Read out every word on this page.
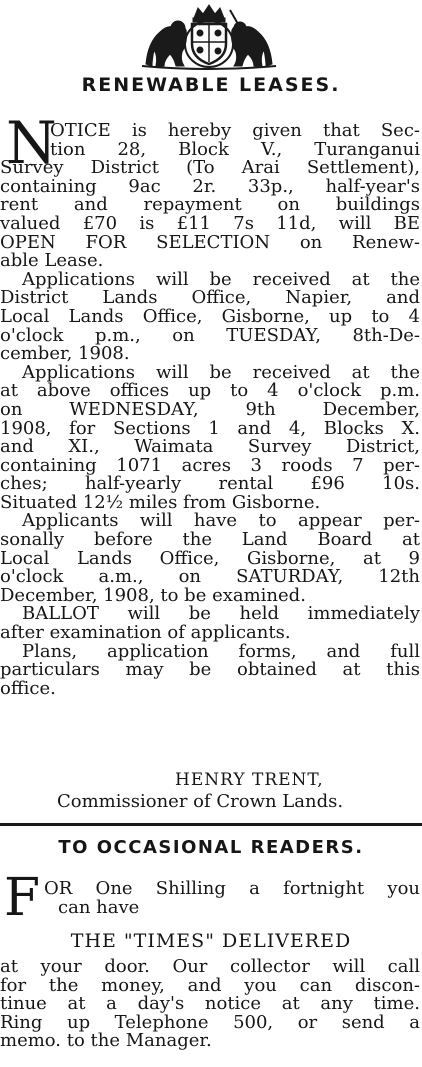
RENEWABLE LEASES.
N
OTICE is hereby given that Sec-
tion 28, Block V., Turanganui
Survey District (To Arai Settlement),
containing 9ac 2r. 33p., half-year's
rent and repayment on buildings
valued £70 is £11 7s 11d, will BE
OPEN FOR SELECTION on Renew-
able Lease.
Applications will be received at the
District Lands Office, Napier, and
Local Lands Office, Gisborne, up to 4
o'clock p.m., on TUESDAY, 8th-De-
cember, 1908.
Applications will be received at the
at above offices up to 4 o'clock p.m.
on WEDNESDAY, 9th December,
1908, for Sections 1 and 4, Blocks X.
and XI., Waimata Survey District,
containing 1071 acres 3 roods 7 per-
ches; half-yearly rental £96 10s.
Situated 12½ miles from Gisborne.
Applicants will have to appear per-
sonally before the Land Board at
Local Lands Office, Gisborne, at 9
o'clock a.m., on SATURDAY, 12th
December, 1908, to be examined.
BALLOT will be held immediately
after examination of applicants.
Plans, application forms, and full
particulars may be obtained at this
office.
HENRY TRENT,
Commissioner of Crown Lands.
TO OCCASIONAL READERS.
F OR One Shilling a fortnight you
can have
THE "TIMES" DELIVERED
at your door. Our collector will call
for the money, and you can discon-
tinue at a day's notice at any time.
Ring up Telephone 500, or send a
memo. to the Manager.
